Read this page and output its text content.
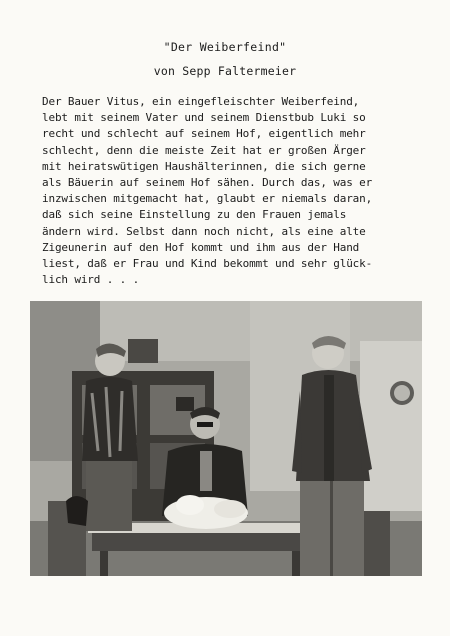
"Der Weiberfeind"
von Sepp Faltermeier
Der Bauer Vitus, ein eingefleischter Weiberfeind,
lebt mit seinem Vater und seinem Dienstbub Luki so
recht und schlecht auf seinem Hof, eigentlich mehr
schlecht, denn die meiste Zeit hat er großen Ärger
mit heiratswütigen Haushälterinnen, die sich gerne
als Bäuerin auf seinem Hof sähen. Durch das, was er
inzwischen mitgemacht hat, glaubt er niemals daran,
daß sich seine Einstellung zu den Frauen jemals
ändern wird. Selbst dann noch nicht, als eine alte
Zigeunerin auf den Hof kommt und ihm aus der Hand
liest, daß er Frau und Kind bekommt und sehr glück-
lich wird . . .
